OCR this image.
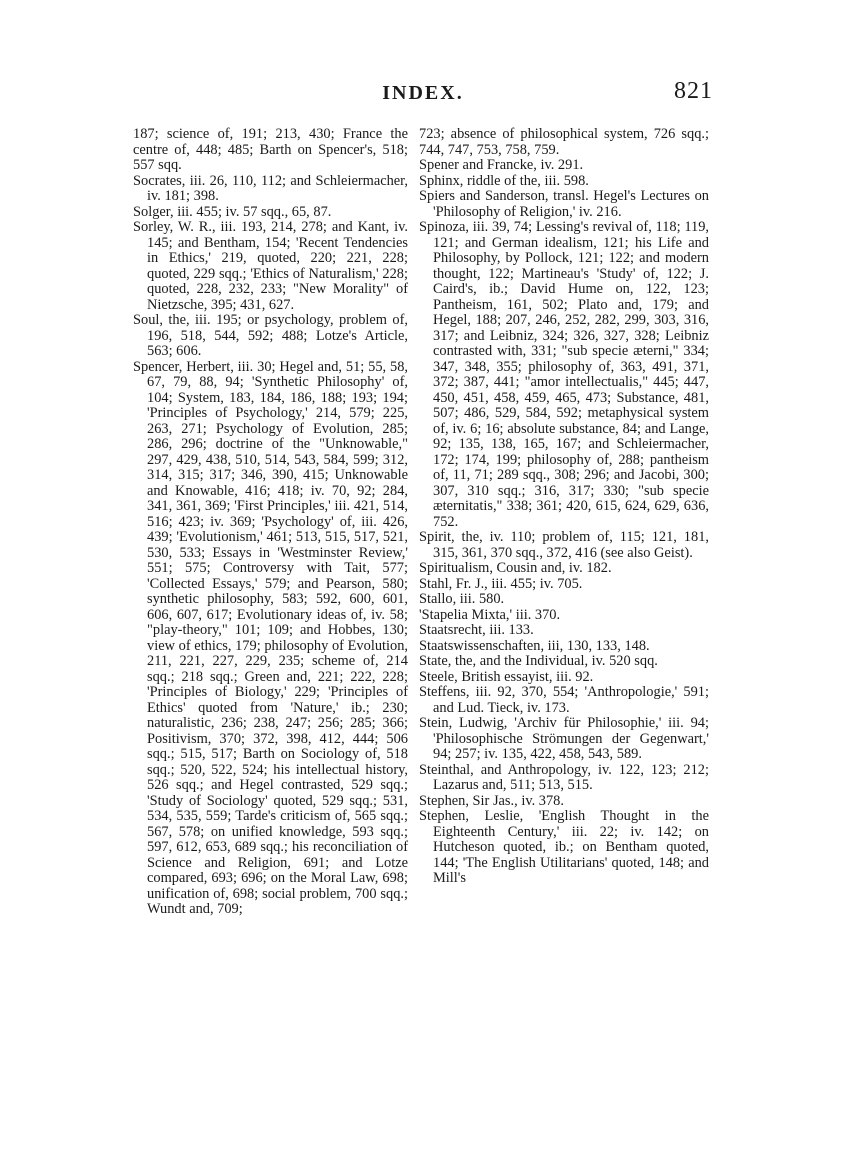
INDEX.	821

187; science of, 191; 213, 430; France the centre of, 448; 485; Barth on Spencer's, 518; 557 sqq.

Socrates, iii. 26, 110, 112; and Schleiermacher, iv. 181; 398.

Solger, iii. 455; iv. 57 sqq., 65, 87.

Sorley, W. R., iii. 193, 214, 278; and Kant, iv. 145; and Bentham, 154; 'Recent Tendencies in Ethics,' 219, quoted, 220; 221, 228; quoted, 229 sqq.; 'Ethics of Naturalism,' 228; quoted, 228, 232, 233; "New Morality" of Nietzsche, 395; 431, 627.

Soul, the, iii. 195; or psychology, problem of, 196, 518, 544, 592; 488; Lotze's Article, 563; 606.

Spencer, Herbert, iii. 30; Hegel and, 51; 55, 58, 67, 79, 88, 94; 'Synthetic Philosophy' of, 104; System, 183, 184, 186, 188; 193; 194; 'Principles of Psychology,' 214, 579; 225, 263, 271; Psychology of Evolution, 285; 286, 296; doctrine of the "Unknowable," 297, 429, 438, 510, 514, 543, 584, 599; 312, 314, 315; 317; 346, 390, 415; Unknowable and Knowable, 416; 418; iv. 70, 92; 284, 341, 361, 369; 'First Principles,' iii. 421, 514, 516; 423; iv. 369; 'Psychology' of, iii. 426, 439; 'Evolutionism,' 461; 513, 515, 517, 521, 530, 533; Essays in 'Westminster Review,' 551; 575; Controversy with Tait, 577; 'Collected Essays,' 579; and Pearson, 580; synthetic philosophy, 583; 592, 600, 601, 606, 607, 617; Evolutionary ideas of, iv. 58; "play-theory," 101; 109; and Hobbes, 130; view of ethics, 179; philosophy of Evolution, 211, 221, 227, 229, 235; scheme of, 214 sqq.; 218 sqq.; Green and, 221; 222, 228; 'Principles of Biology,' 229; 'Principles of Ethics' quoted from 'Nature,' ib.; 230; naturalistic, 236; 238, 247; 256; 285; 366; Positivism, 370; 372, 398, 412, 444; 506 sqq.; 515, 517; Barth on Sociology of, 518 sqq.; 520, 522, 524; his intellectual history, 526 sqq.; and Hegel contrasted, 529 sqq.; 'Study of Sociology' quoted, 529 sqq.; 531, 534, 535, 559; Tarde's criticism of, 565 sqq.; 567, 578; on unified knowledge, 593 sqq.; 597, 612, 653, 689 sqq.; his reconciliation of Science and Religion, 691; and Lotze compared, 693; 696; on the Moral Law, 698; unification of, 698; social problem, 700 sqq.; Wundt and, 709;

723; absence of philosophical system, 726 sqq.; 744, 747, 753, 758, 759.

Spener and Francke, iv. 291.

Sphinx, riddle of the, iii. 598.

Spiers and Sanderson, transl. Hegel's Lectures on 'Philosophy of Religion,' iv. 216.

Spinoza, iii. 39, 74; Lessing's revival of, 118; 119, 121; and German idealism, 121; his Life and Philosophy, by Pollock, 121; 122; and modern thought, 122; Martineau's 'Study' of, 122; J. Caird's, ib.; David Hume on, 122, 123; Pantheism, 161, 502; Plato and, 179; and Hegel, 188; 207, 246, 252, 282, 299, 303, 316, 317; and Leibniz, 324; 326, 327, 328; Leibniz contrasted with, 331; "sub specie æterni," 334; 347, 348, 355; philosophy of, 363, 491, 371, 372; 387, 441; "amor intellectualis," 445; 447, 450, 451, 458, 459, 465, 473; Substance, 481, 507; 486, 529, 584, 592; metaphysical system of, iv. 6; 16; absolute substance, 84; and Lange, 92; 135, 138, 165, 167; and Schleiermacher, 172; 174, 199; philosophy of, 288; pantheism of, 11, 71; 289 sqq., 308; 296; and Jacobi, 300; 307, 310 sqq.; 316, 317; 330; "sub specie æternitatis," 338; 361; 420, 615, 624, 629, 636, 752.

Spirit, the, iv. 110; problem of, 115; 121, 181, 315, 361, 370 sqq., 372, 416 (see also Geist).

Spiritualism, Cousin and, iv. 182.

Stahl, Fr. J., iii. 455; iv. 705.

Stallo, iii. 580.

'Stapelia Mixta,' iii. 370.

Staatsrecht, iii. 133.

Staatswissenschaften, iii, 130, 133, 148.

State, the, and the Individual, iv. 520 sqq.

Steele, British essayist, iii. 92.

Steffens, iii. 92, 370, 554; 'Anthropologie,' 591; and Lud. Tieck, iv. 173.

Stein, Ludwig, 'Archiv für Philosophie,' iii. 94; 'Philosophische Strömungen der Gegenwart,' 94; 257; iv. 135, 422, 458, 543, 589.

Steinthal, and Anthropology, iv. 122, 123; 212; Lazarus and, 511; 513, 515.

Stephen, Sir Jas., iv. 378.

Stephen, Leslie, 'English Thought in the Eighteenth Century,' iii. 22; iv. 142; on Hutcheson quoted, ib.; on Bentham quoted, 144; 'The English Utilitarians' quoted, 148; and Mill's
